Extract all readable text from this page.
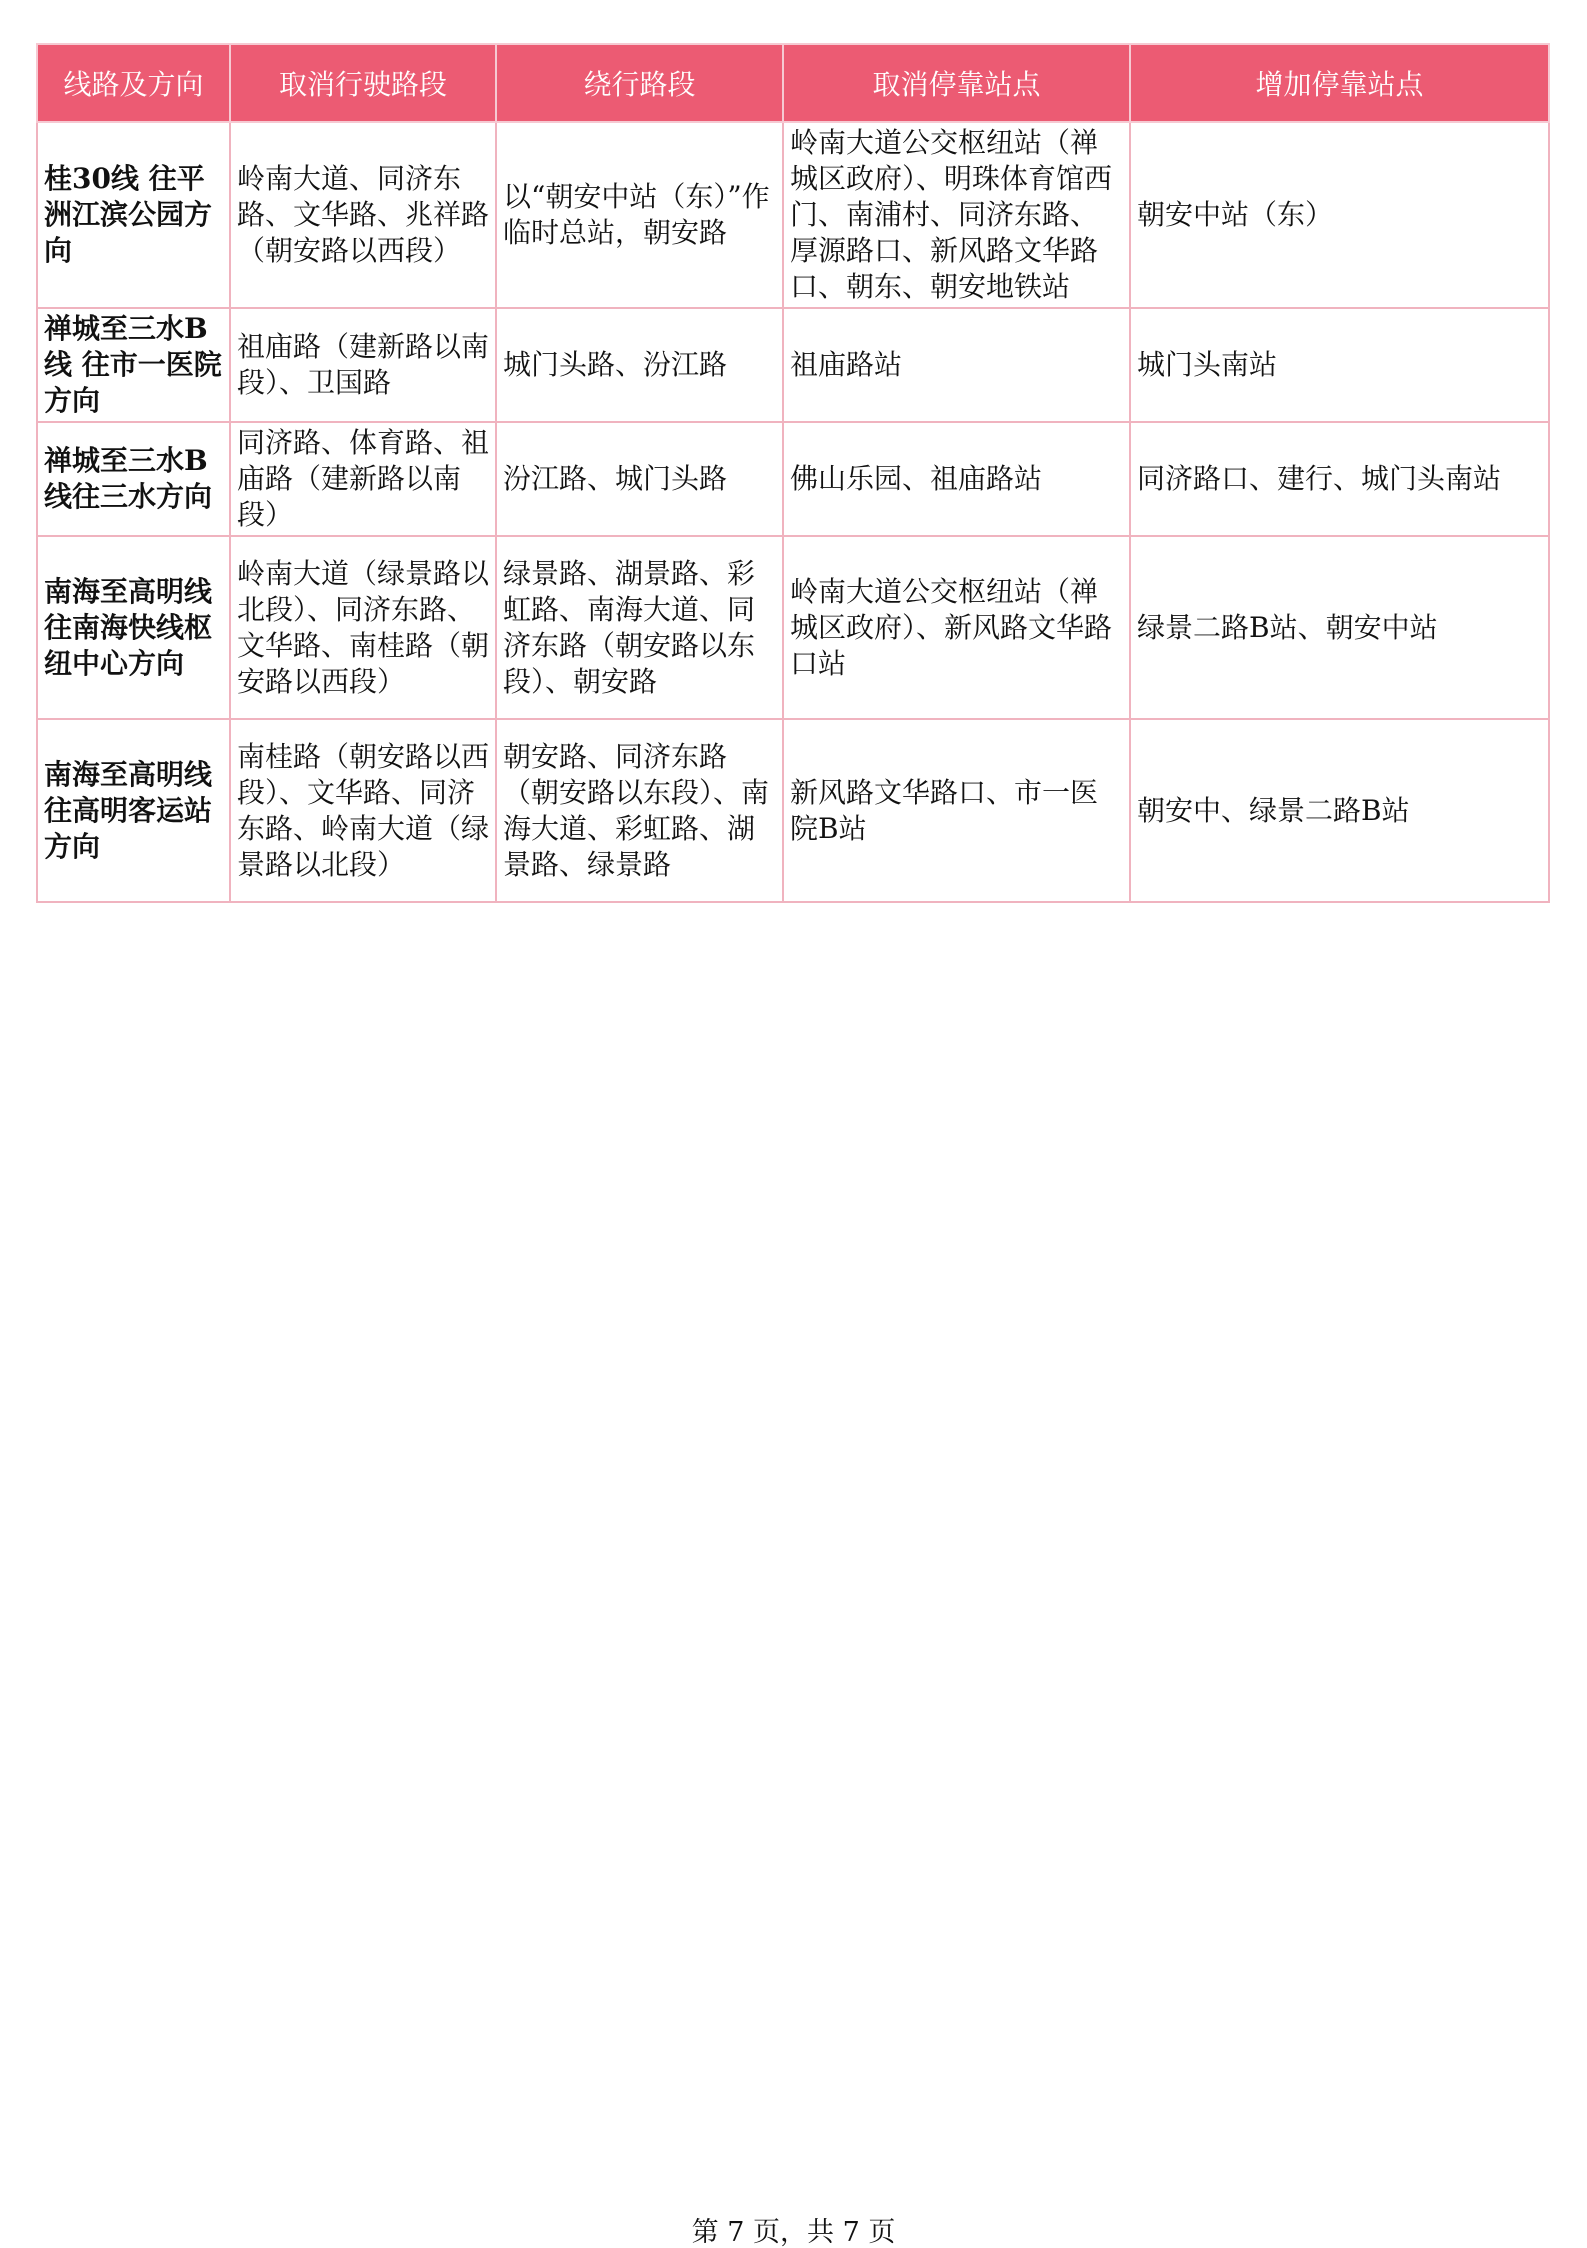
线路及方向	取消行驶路段	绕行路段	取消停靠站点	增加停靠站点
桂30线 往平洲江滨公园方向	岭南大道、同济东路、文华路、兆祥路（朝安路以西段）	以“朝安中站（东）”作临时总站，朝安路	岭南大道公交枢纽站（禅城区政府）、明珠体育馆西门、南浦村、同济东路、厚源路口、新风路文华路口、朝东、朝安地铁站	朝安中站（东）
禅城至三水B线 往市一医院方向	祖庙路（建新路以南段）、卫国路	城门头路、汾江路	祖庙路站	城门头南站
禅城至三水B线往三水方向	同济路、体育路、祖庙路（建新路以南段）	汾江路、城门头路	佛山乐园、祖庙路站	同济路口、建行、城门头南站
南海至高明线往南海快线枢纽中心方向	岭南大道（绿景路以北段）、同济东路、文华路、南桂路（朝安路以西段）	绿景路、湖景路、彩虹路、南海大道、同济东路（朝安路以东段）、朝安路	岭南大道公交枢纽站（禅城区政府）、新风路文华路口站	绿景二路B站、朝安中站
南海至高明线往高明客运站方向	南桂路（朝安路以西段）、文华路、同济东路、岭南大道（绿景路以北段）	朝安路、同济东路（朝安路以东段）、南海大道、彩虹路、湖景路、绿景路	新风路文华路口、市一医院B站	朝安中、绿景二路B站
第 7 页，共 7 页
